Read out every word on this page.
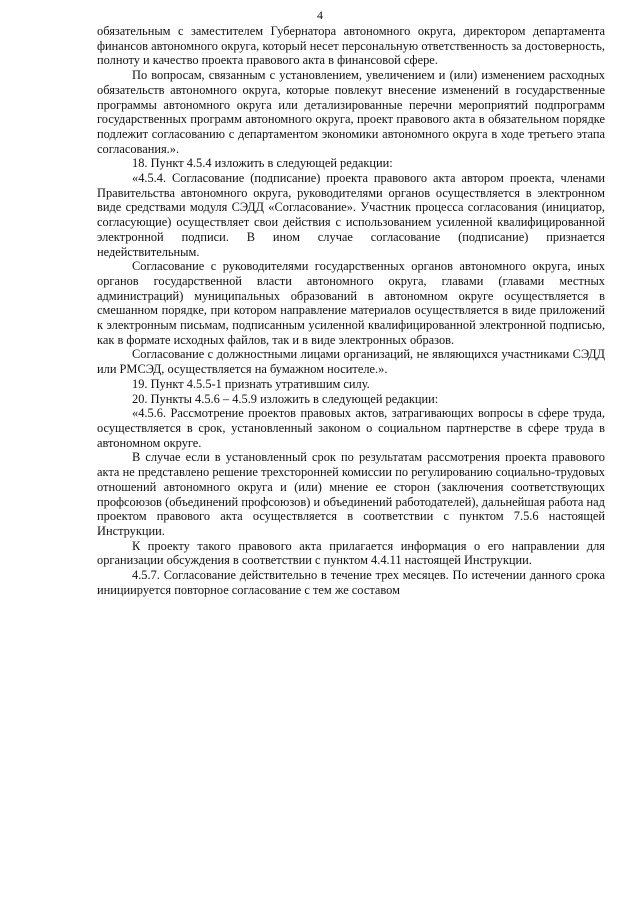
4

обязательным с заместителем Губернатора автономного округа, директором департамента финансов автономного округа, который несет персональную ответственность за достоверность, полноту и качество проекта правового акта в финансовой сфере.

По вопросам, связанным с установлением, увеличением и (или) изменением расходных обязательств автономного округа, которые повлекут внесение изменений в государственные программы автономного округа или детализированные перечни мероприятий подпрограмм государственных программ автономного округа, проект правового акта в обязательном порядке подлежит согласованию с департаментом экономики автономного округа в ходе третьего этапа согласования.».

18. Пункт 4.5.4 изложить в следующей редакции:

«4.5.4. Согласование (подписание) проекта правового акта автором проекта, членами Правительства автономного округа, руководителями органов осуществляется в электронном виде средствами модуля СЭДД «Согласование». Участник процесса согласования (инициатор, согласующие) осуществляет свои действия с использованием усиленной квалифицированной электронной подписи. В ином случае согласование (подписание) признается недействительным.

Согласование с руководителями государственных органов автономного округа, иных органов государственной власти автономного округа, главами (главами местных администраций) муниципальных образований в автономном округе осуществляется в смешанном порядке, при котором направление материалов осуществляется в виде приложений к электронным письмам, подписанным усиленной квалифицированной электронной подписью, как в формате исходных файлов, так и в виде электронных образов.

Согласование с должностными лицами организаций, не являющихся участниками СЭДД или РМСЭД, осуществляется на бумажном носителе.».

19. Пункт 4.5.5-1 признать утратившим силу.

20. Пункты 4.5.6 – 4.5.9 изложить в следующей редакции:

«4.5.6. Рассмотрение проектов правовых актов, затрагивающих вопросы в сфере труда, осуществляется в срок, установленный законом о социальном партнерстве в сфере труда в автономном округе.

В случае если в установленный срок по результатам рассмотрения проекта правового акта не представлено решение трехсторонней комиссии по регулированию социально-трудовых отношений автономного округа и (или) мнение ее сторон (заключения соответствующих профсоюзов (объединений профсоюзов) и объединений работодателей), дальнейшая работа над проектом правового акта осуществляется в соответствии с пунктом 7.5.6 настоящей Инструкции.

К проекту такого правового акта прилагается информация о его направлении для организации обсуждения в соответствии с пунктом 4.4.11 настоящей Инструкции.

4.5.7. Согласование действительно в течение трех месяцев. По истечении данного срока инициируется повторное согласование с тем же составом
